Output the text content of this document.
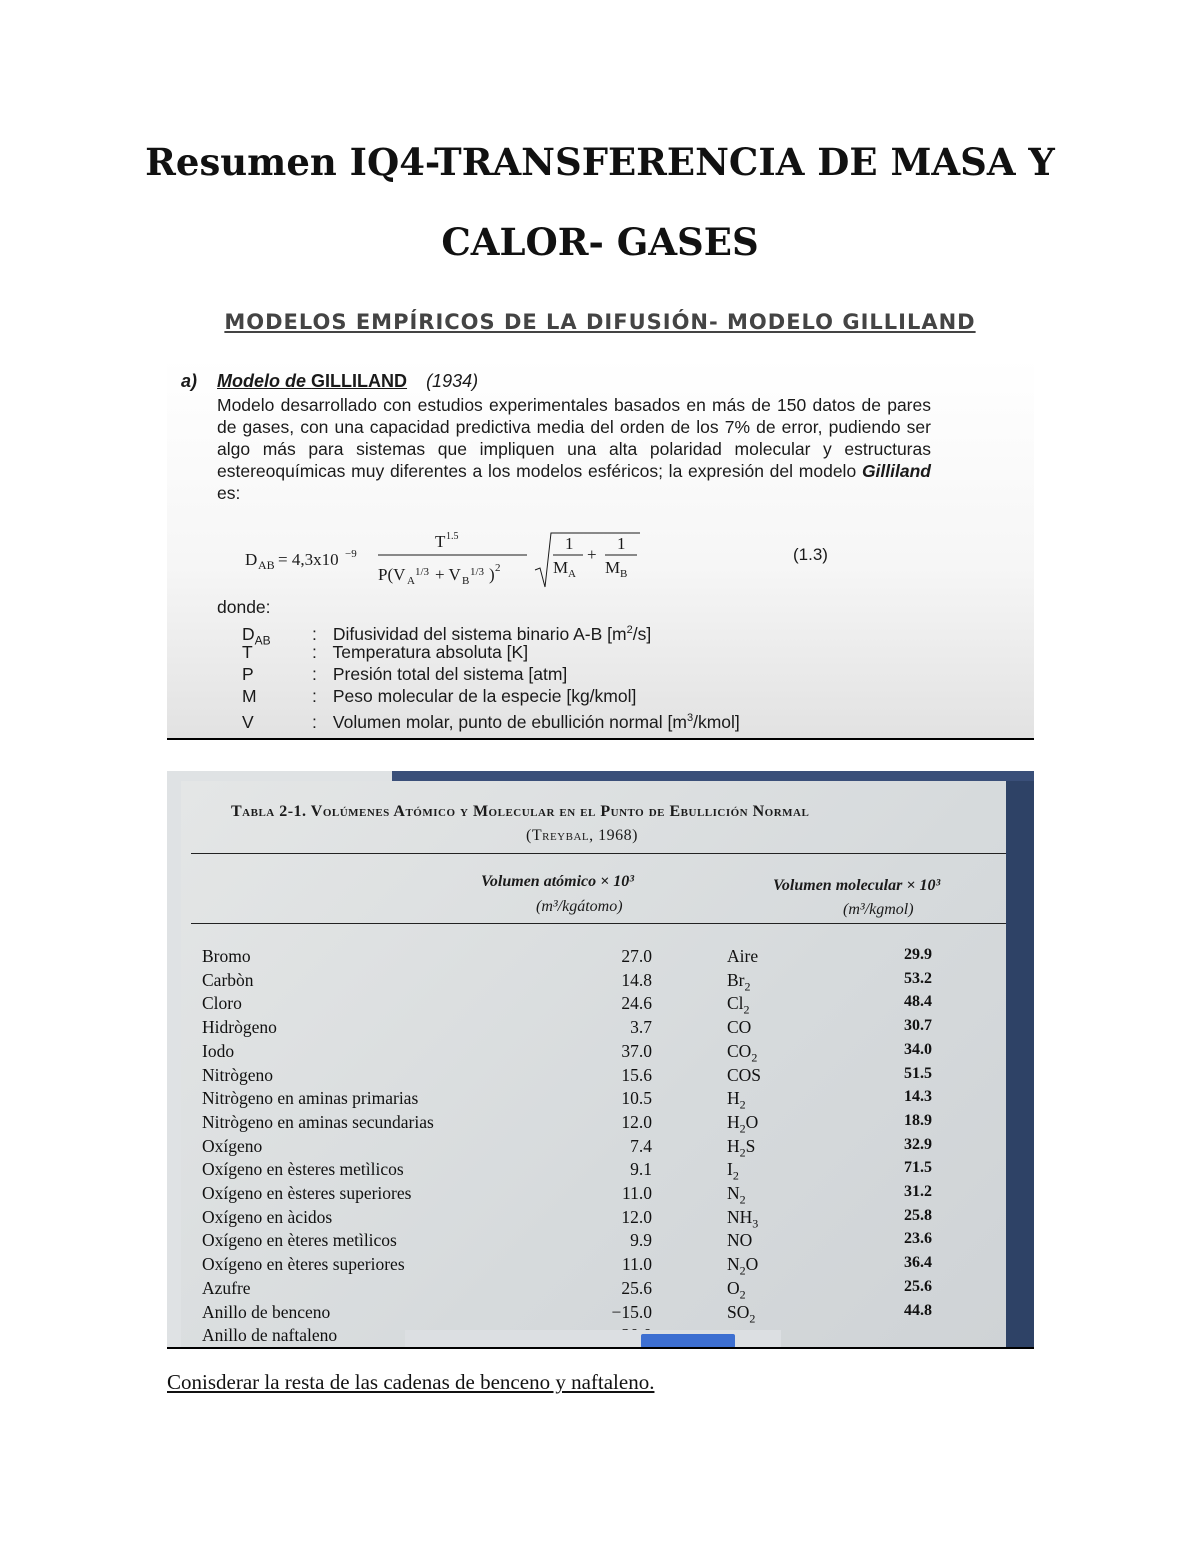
Resumen IQ4-TRANSFERENCIA DE MASA Y
CALOR- GASES
MODELOS EMPÍRICOS DE LA DIFUSIÓN- MODELO GILLILAND
a) Modelo de GILLILAND (1934)
Modelo desarrollado con estudios experimentales basados en más de 150 datos de pares de gases, con una capacidad predictiva media del orden de los 7% de error, pudiendo ser algo más para sistemas que impliquen una alta polaridad molecular y estructuras estereoquímicas muy diferentes a los modelos esféricos; la expresión del modelo Gilliland es:
D AB = 4,3x10 −9
T 1.5
P(V A
1/3 + V B
1/3 ) 2
1
M A
+
1
M B
(1.3)
donde:
$D_{AB}$ : Difusividad del sistema binario A-B $[m^2/s]$
T	: Temperatura absoluta [K]
P	: Presión total del sistema [atm]
M	: Peso molecular de la especie [kg/kmol]
V	: Volumen molar, punto de ebullición normal $[m^3/kmol]$
Tabla 2-1. Volúmenes Atómico y Molecular en el Punto de Ebullición Normal
(Treybal, 1968)
Volumen atómico × 10³
(m³/kgátomo)
Volumen molecular × 10³
(m³/kgmol)
Bromo	27.0	Aire	29.9
Carbòn	14.8	$Br_2$	53.2
Cloro	24.6	$Cl_2$	48.4
Hidrògeno	3.7	CO	30.7
Iodo	37.0	$CO_2$	34.0
Nitrògeno	15.6	COS	51.5
Nitrògeno en aminas primarias	10.5	$H_2$	14.3
Nitrògeno en aminas secundarias	12.0	$H_2O$	18.9
Oxígeno	7.4	$H_2S$	32.9
Oxígeno en èsteres metìlicos	9.1	$I_2$	71.5
Oxígeno en èsteres superiores	11.0	$N_2$	31.2
Oxígeno en àcidos	12.0	$NH_3$	25.8
Oxígeno en èteres metìlicos	9.9	NO	23.6
Oxígeno en èteres superiores	11.0	$N_2O$	36.4
Azufre	25.6	$O_2$	25.6
Anillo de benceno	−15.0	$SO_2$	44.8
Anillo de naftaleno
Conisderar la resta de las cadenas de benceno y naftaleno.
